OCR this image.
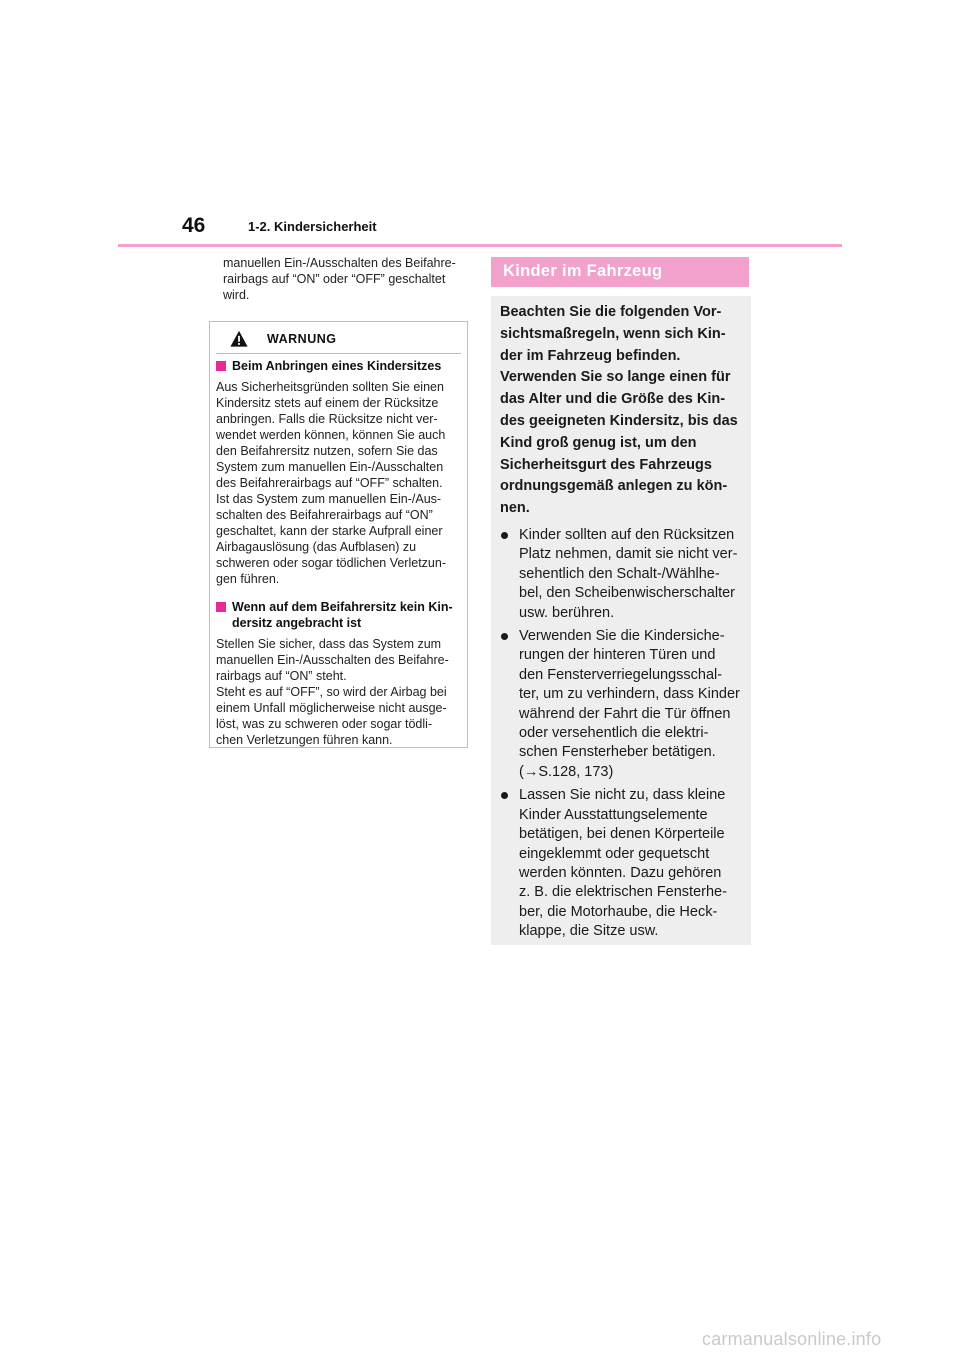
46	1-2. Kindersicherheit

manuellen Ein-/Ausschalten des Beifahre-
rairbags auf “ON” oder “OFF” geschaltet
wird.

WARNUNG
Beim Anbringen eines Kindersitzes

Aus Sicherheitsgründen sollten Sie einen
Kindersitz stets auf einem der Rücksitze
anbringen. Falls die Rücksitze nicht ver-
wendet werden können, können Sie auch
den Beifahrersitz nutzen, sofern Sie das
System zum manuellen Ein-/Ausschalten
des Beifahrerairbags auf “OFF” schalten.
Ist das System zum manuellen Ein-/Aus-
schalten des Beifahrerairbags auf “ON”
geschaltet, kann der starke Aufprall einer
Airbagauslösung (das Aufblasen) zu
schweren oder sogar tödlichen Verletzun-
gen führen.

Wenn auf dem Beifahrersitz kein Kin-
dersitz angebracht ist

Stellen Sie sicher, dass das System zum
manuellen Ein-/Ausschalten des Beifahre-
rairbags auf “ON” steht.
Steht es auf “OFF”, so wird der Airbag bei
einem Unfall möglicherweise nicht ausge-
löst, was zu schweren oder sogar tödli-
chen Verletzungen führen kann.

Kinder im Fahrzeug

Beachten Sie die folgenden Vor-
sichtsmaßregeln, wenn sich Kin-
der im Fahrzeug befinden.
Verwenden Sie so lange einen für
das Alter und die Größe des Kin-
des geeigneten Kindersitz, bis das
Kind groß genug ist, um den
Sicherheitsgurt des Fahrzeugs
ordnungsgemäß anlegen zu kön-
nen.

Kinder sollten auf den Rücksitzen
Platz nehmen, damit sie nicht ver-
sehentlich den Schalt-/Wählhe-
bel, den Scheibenwischerschalter
usw. berühren.
Verwenden Sie die Kindersiche-
rungen der hinteren Türen und
den Fensterverriegelungsschal-
ter, um zu verhindern, dass Kinder
während der Fahrt die Tür öffnen
oder versehentlich die elektri-
schen Fensterheber betätigen.
(→S.128, 173)
Lassen Sie nicht zu, dass kleine
Kinder Ausstattungselemente
betätigen, bei denen Körperteile
eingeklemmt oder gequetscht
werden könnten. Dazu gehören
z. B. die elektrischen Fensterhe-
ber, die Motorhaube, die Heck-
klappe, die Sitze usw.
carmanualsonline.info
